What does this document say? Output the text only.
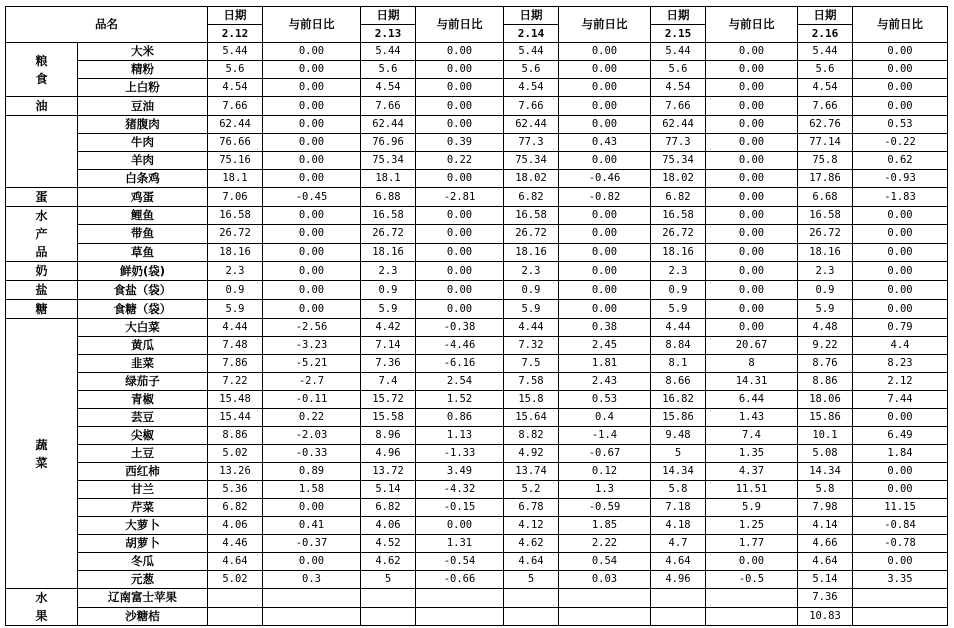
品名		日期	与前日比	日期	与前日比	日期	与前日比	日期	与前日比	日期	与前日比
		2.12		2.13		2.14		2.15		2.16	

粮食	大米	5.44	0.00	5.44	0.00	5.44	0.00	5.44	0.00	5.44	0.00
	精粉	5.6	0.00	5.6	0.00	5.6	0.00	5.6	0.00	5.6	0.00
	上白粉	4.54	0.00	4.54	0.00	4.54	0.00	4.54	0.00	4.54	0.00

油	豆油	7.66	0.00	7.66	0.00	7.66	0.00	7.66	0.00	7.66	0.00

	猪腹肉	62.44	0.00	62.44	0.00	62.44	0.00	62.44	0.00	62.76	0.53
	牛肉	76.66	0.00	76.96	0.39	77.3	0.43	77.3	0.00	77.14	-0.22
	羊肉	75.16	0.00	75.34	0.22	75.34	0.00	75.34	0.00	75.8	0.62
	白条鸡	18.1	0.00	18.1	0.00	18.02	-0.46	18.02	0.00	17.86	-0.93

蛋	鸡蛋	7.06	-0.45	6.88	-2.81	6.82	-0.82	6.82	0.00	6.68	-1.83

水产品	鲤鱼	16.58	0.00	16.58	0.00	16.58	0.00	16.58	0.00	16.58	0.00
	带鱼	26.72	0.00	26.72	0.00	26.72	0.00	26.72	0.00	26.72	0.00
	草鱼	18.16	0.00	18.16	0.00	18.16	0.00	18.16	0.00	18.16	0.00

奶	鲜奶(袋)	2.3	0.00	2.3	0.00	2.3	0.00	2.3	0.00	2.3	0.00

盐	食盐（袋）	0.9	0.00	0.9	0.00	0.9	0.00	0.9	0.00	0.9	0.00

糖	食糖（袋）	5.9	0.00	5.9	0.00	5.9	0.00	5.9	0.00	5.9	0.00

蔬菜	大白菜	4.44	-2.56	4.42	-0.38	4.44	0.38	4.44	0.00	4.48	0.79
	黄瓜	7.48	-3.23	7.14	-4.46	7.32	2.45	8.84	20.67	9.22	4.4
	韭菜	7.86	-5.21	7.36	-6.16	7.5	1.81	8.1	8	8.76	8.23
	绿茄子	7.22	-2.7	7.4	2.54	7.58	2.43	8.66	14.31	8.86	2.12
	青椒	15.48	-0.11	15.72	1.52	15.8	0.53	16.82	6.44	18.06	7.44
	芸豆	15.44	0.22	15.58	0.86	15.64	0.4	15.86	1.43	15.86	0.00
	尖椒	8.86	-2.03	8.96	1.13	8.82	-1.4	9.48	7.4	10.1	6.49
	土豆	5.02	-0.33	4.96	-1.33	4.92	-0.67	5	1.35	5.08	1.84
	西红柿	13.26	0.89	13.72	3.49	13.74	0.12	14.34	4.37	14.34	0.00
	甘兰	5.36	1.58	5.14	-4.32	5.2	1.3	5.8	11.51	5.8	0.00
	芹菜	6.82	0.00	6.82	-0.15	6.78	-0.59	7.18	5.9	7.98	11.15
	大萝卜	4.06	0.41	4.06	0.00	4.12	1.85	4.18	1.25	4.14	-0.84
	胡萝卜	4.46	-0.37	4.52	1.31	4.62	2.22	4.7	1.77	4.66	-0.78
	冬瓜	4.64	0.00	4.62	-0.54	4.64	0.54	4.64	0.00	4.64	0.00
	元葱	5.02	0.3	5	-0.66	5	0.03	4.96	-0.5	5.14	3.35

水果	辽南富士苹果									7.36	
	沙糖桔									10.83	
